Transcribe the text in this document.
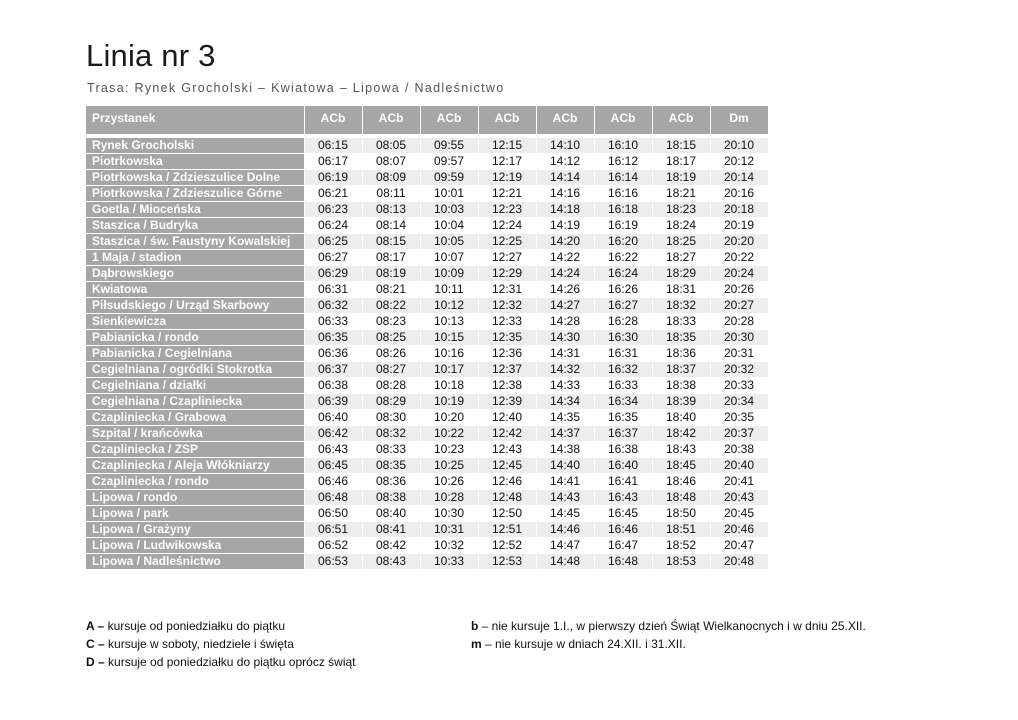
Linia nr 3
Trasa: Rynek Grocholski – Kwiatowa – Lipowa / Nadleśnictwo
Przystanek	ACb	ACb	ACb	ACb	ACb	ACb	ACb	Dm

Rynek Grocholski	06:15	08:05	09:55	12:15	14:10	16:10	18:15	20:10
Piotrkowska	06:17	08:07	09:57	12:17	14:12	16:12	18:17	20:12
Piotrkowska / Zdzieszulice Dolne	06:19	08:09	09:59	12:19	14:14	16:14	18:19	20:14
Piotrkowska / Zdzieszulice Górne	06:21	08:11	10:01	12:21	14:16	16:16	18:21	20:16
Goetla / Mioceńska	06:23	08:13	10:03	12:23	14:18	16:18	18:23	20:18
Staszica / Budryka	06:24	08:14	10:04	12:24	14:19	16:19	18:24	20:19
Staszica / św. Faustyny Kowalskiej	06:25	08:15	10:05	12:25	14:20	16:20	18:25	20:20
1 Maja / stadion	06:27	08:17	10:07	12:27	14:22	16:22	18:27	20:22
Dąbrowskiego	06:29	08:19	10:09	12:29	14:24	16:24	18:29	20:24
Kwiatowa	06:31	08:21	10:11	12:31	14:26	16:26	18:31	20:26
Piłsudskiego / Urząd Skarbowy	06:32	08:22	10:12	12:32	14:27	16:27	18:32	20:27
Sienkiewicza	06:33	08:23	10:13	12:33	14:28	16:28	18:33	20:28
Pabianicka / rondo	06:35	08:25	10:15	12:35	14:30	16:30	18:35	20:30
Pabianicka / Cegielniana	06:36	08:26	10:16	12:36	14:31	16:31	18:36	20:31
Cegielniana / ogródki Stokrotka	06:37	08:27	10:17	12:37	14:32	16:32	18:37	20:32
Cegielniana / działki	06:38	08:28	10:18	12:38	14:33	16:33	18:38	20:33
Cegielniana / Czapliniecka	06:39	08:29	10:19	12:39	14:34	16:34	18:39	20:34
Czapliniecka / Grabowa	06:40	08:30	10:20	12:40	14:35	16:35	18:40	20:35
Szpital / krańcówka	06:42	08:32	10:22	12:42	14:37	16:37	18:42	20:37
Czapliniecka / ZSP	06:43	08:33	10:23	12:43	14:38	16:38	18:43	20:38
Czapliniecka / Aleja Włókniarzy	06:45	08:35	10:25	12:45	14:40	16:40	18:45	20:40
Czapliniecka / rondo	06:46	08:36	10:26	12:46	14:41	16:41	18:46	20:41
Lipowa / rondo	06:48	08:38	10:28	12:48	14:43	16:43	18:48	20:43
Lipowa / park	06:50	08:40	10:30	12:50	14:45	16:45	18:50	20:45
Lipowa / Grażyny	06:51	08:41	10:31	12:51	14:46	16:46	18:51	20:46
Lipowa / Ludwikowska	06:52	08:42	10:32	12:52	14:47	16:47	18:52	20:47
Lipowa / Nadleśnictwo	06:53	08:43	10:33	12:53	14:48	16:48	18:53	20:48
A – kursuje od poniedziałku do piątku
C – kursuje w soboty, niedziele i święta
D – kursuje od poniedziałku do piątku oprócz świąt
b – nie kursuje 1.I., w pierwszy dzień Świąt Wielkanocnych i w dniu 25.XII.
m – nie kursuje w dniach 24.XII. i 31.XII.
